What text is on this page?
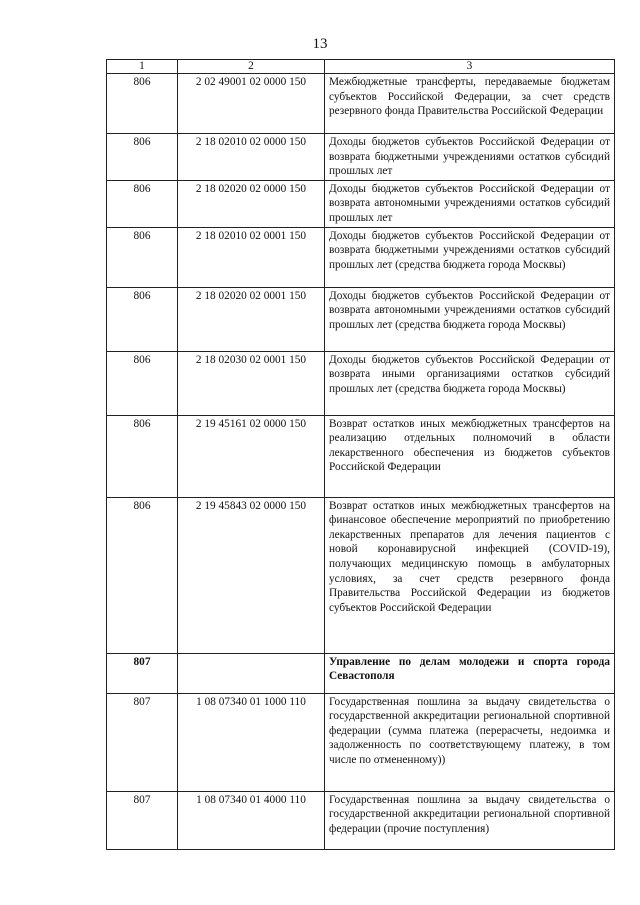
13
1	2	3
806	2 02 49001 02 0000 150	Межбюджетные трансферты, передаваемые бюджетам субъектов Российской Федерации, за счет средств резервного фонда Правительства Российской Федерации
806	2 18 02010 02 0000 150	Доходы бюджетов субъектов Российской Федерации от возврата бюджетными учреждениями остатков субсидий прошлых лет
806	2 18 02020 02 0000 150	Доходы бюджетов субъектов Российской Федерации от возврата автономными учреждениями остатков субсидий прошлых лет
806	2 18 02010 02 0001 150	Доходы бюджетов субъектов Российской Федерации от возврата бюджетными учреждениями остатков субсидий прошлых лет (средства бюджета города Москвы)
806	2 18 02020 02 0001 150	Доходы бюджетов субъектов Российской Федерации от возврата автономными учреждениями остатков субсидий прошлых лет (средства бюджета города Москвы)
806	2 18 02030 02 0001 150	Доходы бюджетов субъектов Российской Федерации от возврата иными организациями остатков субсидий прошлых лет (средства бюджета города Москвы)
806	2 19 45161 02 0000 150	Возврат остатков иных межбюджетных трансфертов на реализацию отдельных полномочий в области лекарственного обеспечения из бюджетов субъектов Российской Федерации
806	2 19 45843 02 0000 150	Возврат остатков иных межбюджетных трансфертов на финансовое обеспечение мероприятий по приобретению лекарственных препаратов для лечения пациентов с новой коронавирусной инфекцией (COVID-19), получающих медицинскую помощь в амбулаторных условиях, за счет средств резервного фонда Правительства Российской Федерации из бюджетов субъектов Российской Федерации
807		Управление по делам молодежи и спорта города Севастополя
807	1 08 07340 01 1000 110	Государственная пошлина за выдачу свидетельства о государственной аккредитации региональной спортивной федерации (сумма платежа (перерасчеты, недоимка и задолженность по соответствующему платежу, в том числе по отмененному))
807	1 08 07340 01 4000 110	Государственная пошлина за выдачу свидетельства о государственной аккредитации региональной спортивной федерации (прочие поступления)
